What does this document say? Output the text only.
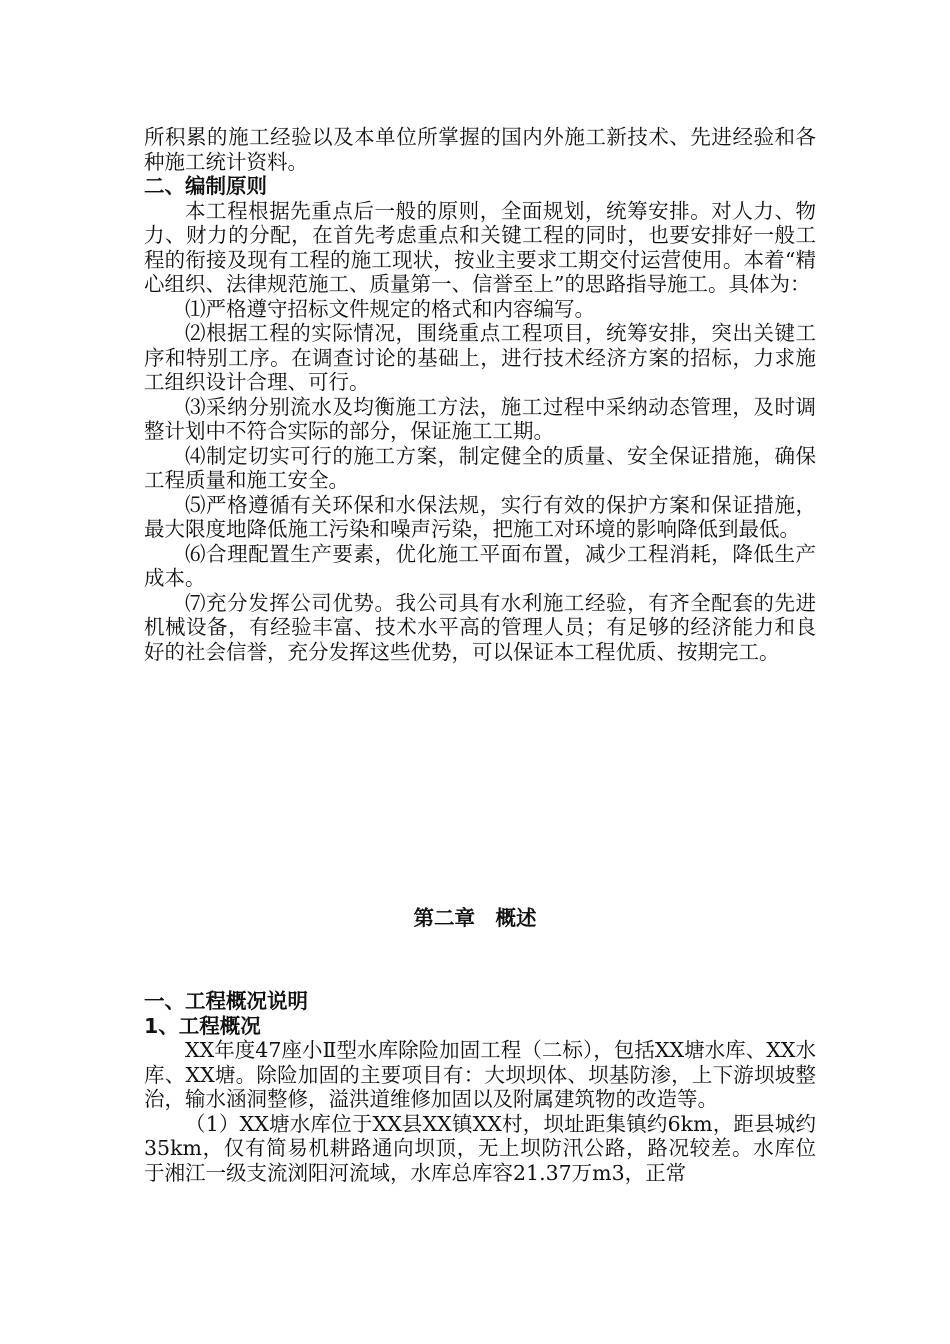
所积累的施工经验以及本单位所掌握的国内外施工新技术、先进经验和各种施工统计资料。

二、编制原则

本工程根据先重点后一般的原则，全面规划，统筹安排。对人力、物力、财力的分配，在首先考虑重点和关键工程的同时，也要安排好一般工程的衔接及现有工程的施工现状，按业主要求工期交付运营使用。本着“精心组织、法律规范施工、质量第一、信誉至上”的思路指导施工。具体为：

⑴严格遵守招标文件规定的格式和内容编写。

⑵根据工程的实际情况，围绕重点工程项目，统筹安排，突出关键工序和特别工序。在调查讨论的基础上，进行技术经济方案的招标，力求施工组织设计合理、可行。

⑶采纳分别流水及均衡施工方法，施工过程中采纳动态管理，及时调整计划中不符合实际的部分，保证施工工期。

⑷制定切实可行的施工方案，制定健全的质量、安全保证措施，确保工程质量和施工安全。

⑸严格遵循有关环保和水保法规，实行有效的保护方案和保证措施，最大限度地降低施工污染和噪声污染，把施工对环境的影响降低到最低。

⑹合理配置生产要素，优化施工平面布置，减少工程消耗，降低生产成本。

⑺充分发挥公司优势。我公司具有水利施工经验，有齐全配套的先进机械设备，有经验丰富、技术水平高的管理人员；有足够的经济能力和良好的社会信誉，充分发挥这些优势，可以保证本工程优质、按期完工。

第二章　概述
一、工程概况说明
1、工程概况

XX年度47座小Ⅱ型水库除险加固工程（二标），包括XX塘水库、XX水库、XX塘。除险加固的主要项目有：大坝坝体、坝基防渗，上下游坝坡整治，输水涵洞整修，溢洪道维修加固以及附属建筑物的改造等。

（1）XX塘水库位于XX县XX镇XX村，坝址距集镇约6km，距县城约35km，仅有简易机耕路通向坝顶，无上坝防汛公路，路况较差。水库位于湘江一级支流浏阳河流域，水库总库容21.37万m3，正常
